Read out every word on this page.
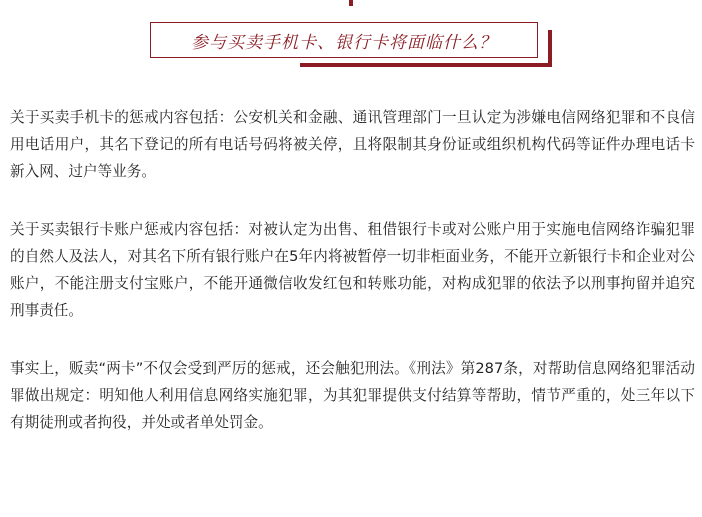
参与买卖手机卡、银行卡将面临什么？

关于买卖手机卡的惩戒内容包括：公安机关和金融、通讯管理部门一旦认定为涉嫌电信网络犯罪和不良信用电话用户，其名下登记的所有电话号码将被关停，且将限制其身份证或组织机构代码等证件办理电话卡新入网、过户等业务。

关于买卖银行卡账户惩戒内容包括：对被认定为出售、租借银行卡或对公账户用于实施电信网络诈骗犯罪的自然人及法人，对其名下所有银行账户在5年内将被暂停一切非柜面业务，不能开立新银行卡和企业对公账户，不能注册支付宝账户，不能开通微信收发红包和转账功能，对构成犯罪的依法予以刑事拘留并追究刑事责任。

事实上，贩卖“两卡”不仅会受到严厉的惩戒，还会触犯刑法。《刑法》第287条，对帮助信息网络犯罪活动罪做出规定：明知他人利用信息网络实施犯罪，为其犯罪提供支付结算等帮助，情节严重的，处三年以下有期徒刑或者拘役，并处或者单处罚金。
